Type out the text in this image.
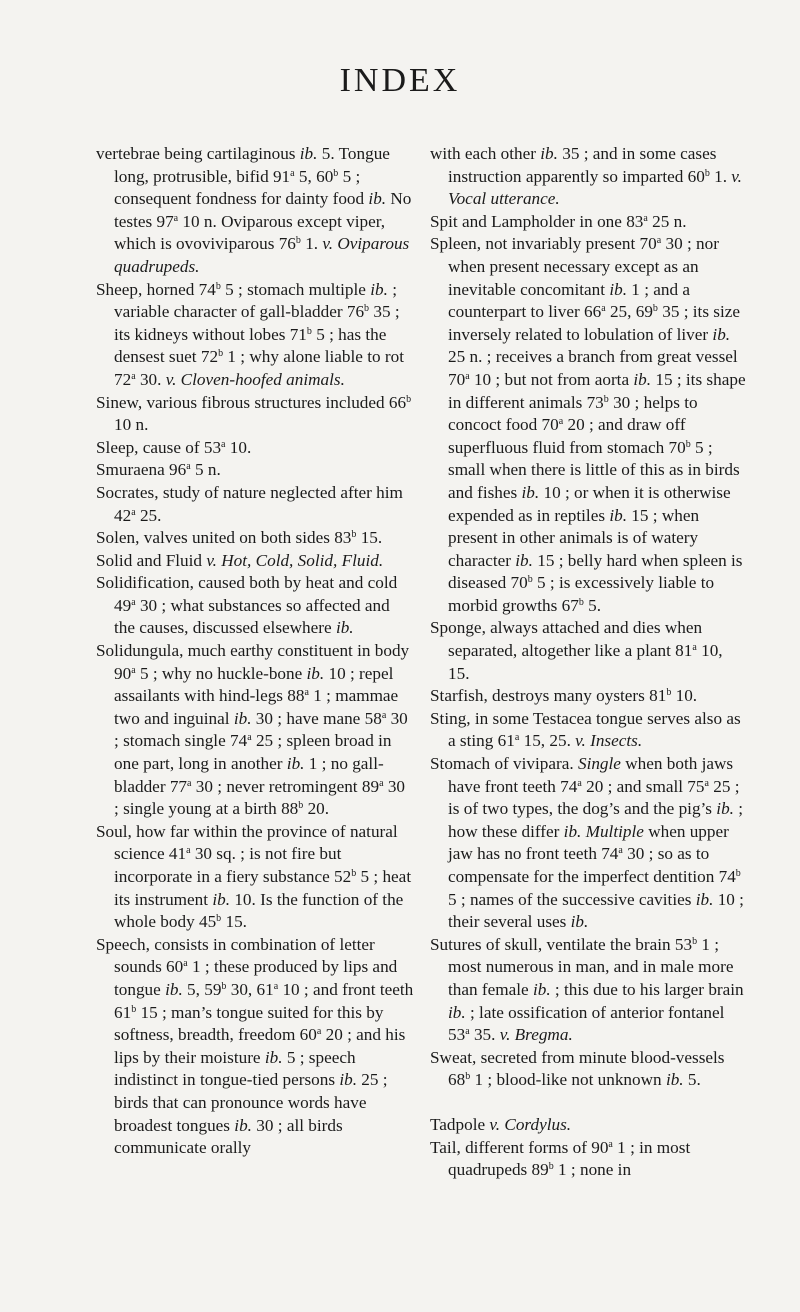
INDEX

vertebrae being cartilaginous ib. 5. Tongue long, protrusible, bifid 91$^a$ 5, 60$^b$ 5 ; consequent fondness for dainty food ib. No testes 97$^a$ 10 n. Oviparous except viper, which is ovoviviparous 76$^b$ 1. v. Oviparous quadrupeds.

Sheep, horned 74$^b$ 5 ; stomach multiple ib. ; variable character of gall-bladder 76$^b$ 35 ; its kidneys without lobes 71$^b$ 5 ; has the densest suet 72$^b$ 1 ; why alone liable to rot 72$^a$ 30. v. Cloven-hoofed animals.

Sinew, various fibrous structures included 66$^b$ 10 n.

Sleep, cause of 53$^a$ 10.

Smuraena 96$^a$ 5 n.

Socrates, study of nature neglected after him 42$^a$ 25.

Solen, valves united on both sides 83$^b$ 15.

Solid and Fluid v. Hot, Cold, Solid, Fluid.

Solidification, caused both by heat and cold 49$^a$ 30 ; what substances so affected and the causes, discussed elsewhere ib.

Solidungula, much earthy constituent in body 90$^a$ 5 ; why no huckle-bone ib. 10 ; repel assailants with hind-legs 88$^a$ 1 ; mammae two and inguinal ib. 30 ; have mane 58$^a$ 30 ; stomach single 74$^a$ 25 ; spleen broad in one part, long in another ib. 1 ; no gall-bladder 77$^a$ 30 ; never retromingent 89$^a$ 30 ; single young at a birth 88$^b$ 20.

Soul, how far within the province of natural science 41$^a$ 30 sq. ; is not fire but incorporate in a fiery substance 52$^b$ 5 ; heat its instrument ib. 10. Is the function of the whole body 45$^b$ 15.

Speech, consists in combination of letter sounds 60$^a$ 1 ; these produced by lips and tongue ib. 5, 59$^b$ 30, 61$^a$ 10 ; and front teeth 61$^b$ 15 ; man’s tongue suited for this by softness, breadth, freedom 60$^a$ 20 ; and his lips by their moisture ib. 5 ; speech indistinct in tongue-tied persons ib. 25 ; birds that can pronounce words have broadest tongues ib. 30 ; all birds communicate orally

with each other ib. 35 ; and in some cases instruction apparently so imparted 60$^b$ 1. v. Vocal utterance.

Spit and Lampholder in one 83$^a$ 25 n.

Spleen, not invariably present 70$^a$ 30 ; nor when present necessary except as an inevitable concomitant ib. 1 ; and a counterpart to liver 66$^a$ 25, 69$^b$ 35 ; its size inversely related to lobulation of liver ib. 25 n. ; receives a branch from great vessel 70$^a$ 10 ; but not from aorta ib. 15 ; its shape in different animals 73$^b$ 30 ; helps to concoct food 70$^a$ 20 ; and draw off superfluous fluid from stomach 70$^b$ 5 ; small when there is little of this as in birds and fishes ib. 10 ; or when it is otherwise expended as in reptiles ib. 15 ; when present in other animals is of watery character ib. 15 ; belly hard when spleen is diseased 70$^b$ 5 ; is excessively liable to morbid growths 67$^b$ 5.

Sponge, always attached and dies when separated, altogether like a plant 81$^a$ 10, 15.

Starfish, destroys many oysters 81$^b$ 10.

Sting, in some Testacea tongue serves also as a sting 61$^a$ 15, 25. v. Insects.

Stomach of vivipara. Single when both jaws have front teeth 74$^a$ 20 ; and small 75$^a$ 25 ; is of two types, the dog’s and the pig’s ib. ; how these differ ib. Multiple when upper jaw has no front teeth 74$^a$ 30 ; so as to compensate for the imperfect dentition 74$^b$ 5 ; names of the successive cavities ib. 10 ; their several uses ib.

Sutures of skull, ventilate the brain 53$^b$ 1 ; most numerous in man, and in male more than female ib. ; this due to his larger brain ib. ; late ossification of anterior fontanel 53$^a$ 35. v. Bregma.

Sweat, secreted from minute blood-vessels 68$^b$ 1 ; blood-like not unknown ib. 5.

Tadpole v. Cordylus.

Tail, different forms of 90$^a$ 1 ; in most quadrupeds 89$^b$ 1 ; none in
